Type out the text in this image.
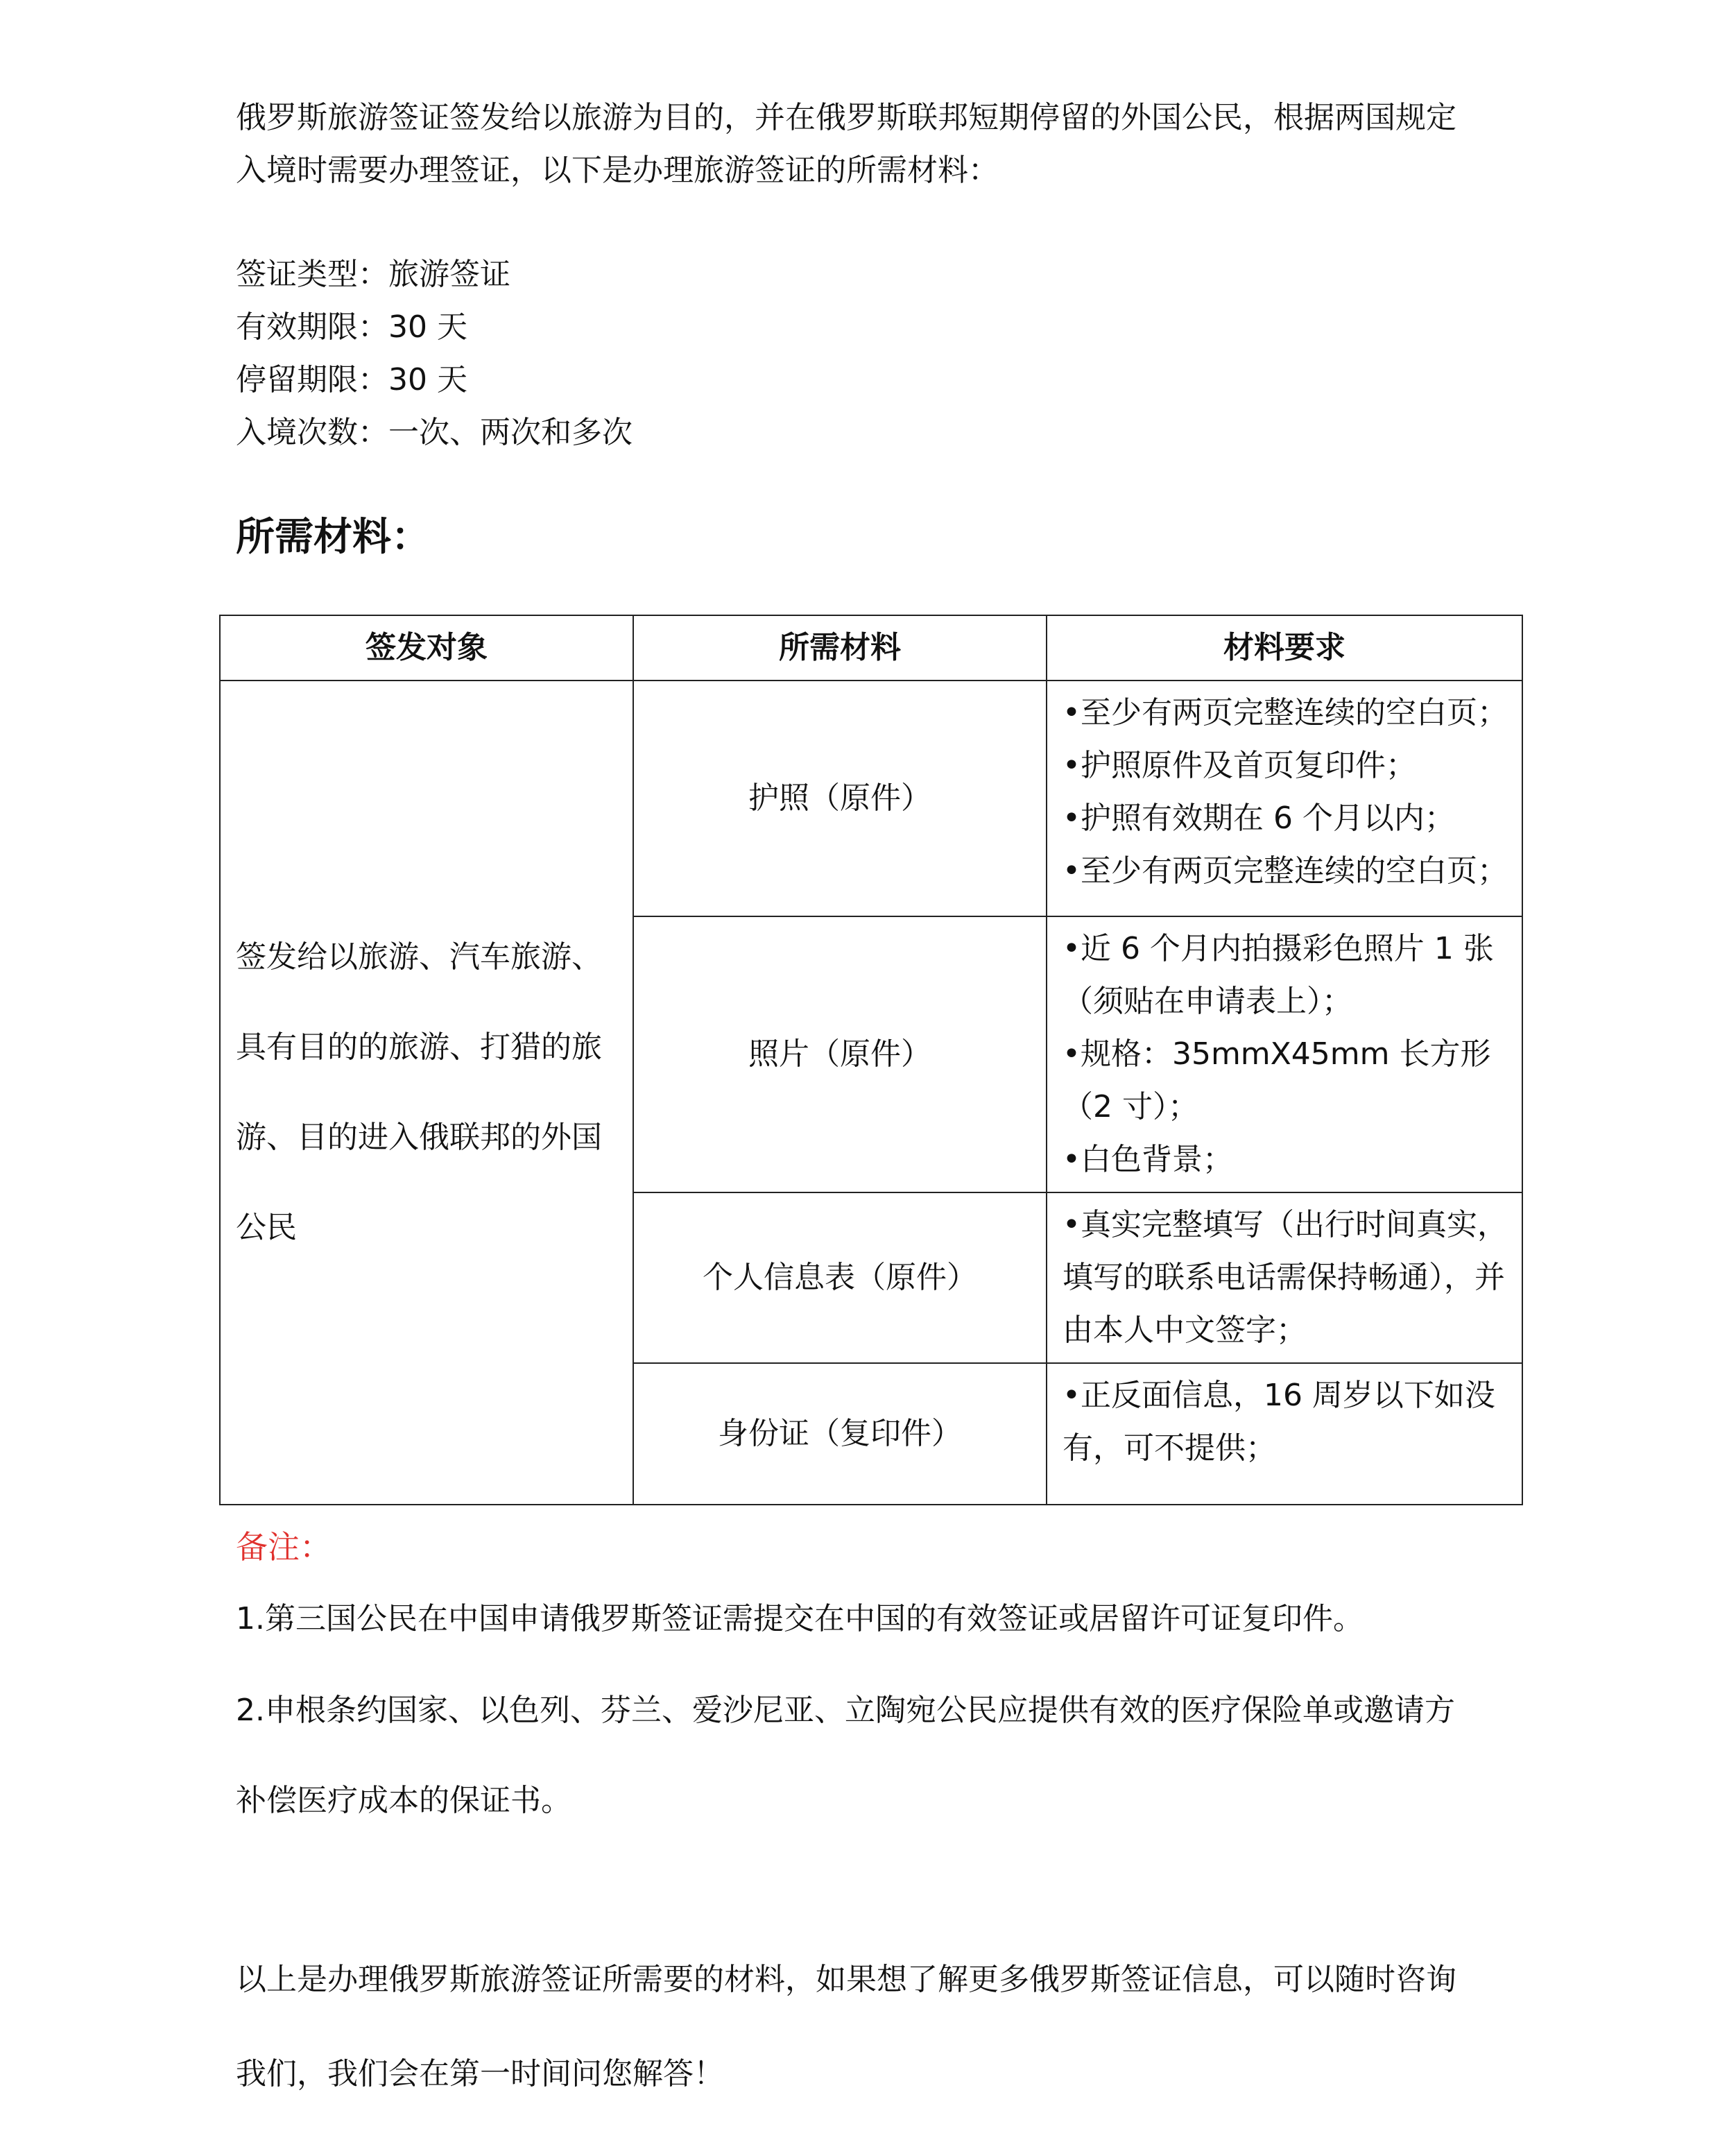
俄罗斯旅游签证签发给以旅游为目的，并在俄罗斯联邦短期停留的外国公民，根据两国规定
入境时需要办理签证，以下是办理旅游签证的所需材料：
签证类型：旅游签证
有效期限：30 天
停留期限：30 天
入境次数：一次、两次和多次
所需材料：
签发对象	所需材料	材料要求
签发给以旅游、汽车旅游、具有目的的旅游、打猎的旅游、目的进入俄联邦的外国公民	护照（原件）	•至少有两页完整连续的空白页；
•护照原件及首页复印件；
•护照有效期在 6 个月以内；
•至少有两页完整连续的空白页；

	照片（原件）	•近 6 个月内拍摄彩色照片 1 张（须贴在申请表上）；
•规格：35mmX45mm 长方形（2 寸）；
•白色背景；

	个人信息表（原件）	•真实完整填写（出行时间真实，填写的联系电话需保持畅通），并由本人中文签字；

	身份证（复印件）	•正反面信息，16 周岁以下如没有，可不提供；
备注：
1.第三国公民在中国申请俄罗斯签证需提交在中国的有效签证或居留许可证复印件。
2.申根条约国家、以色列、芬兰、爱沙尼亚、立陶宛公民应提供有效的医疗保险单或邀请方
补偿医疗成本的保证书。
以上是办理俄罗斯旅游签证所需要的材料，如果想了解更多俄罗斯签证信息，可以随时咨询
我们，我们会在第一时间问您解答！
